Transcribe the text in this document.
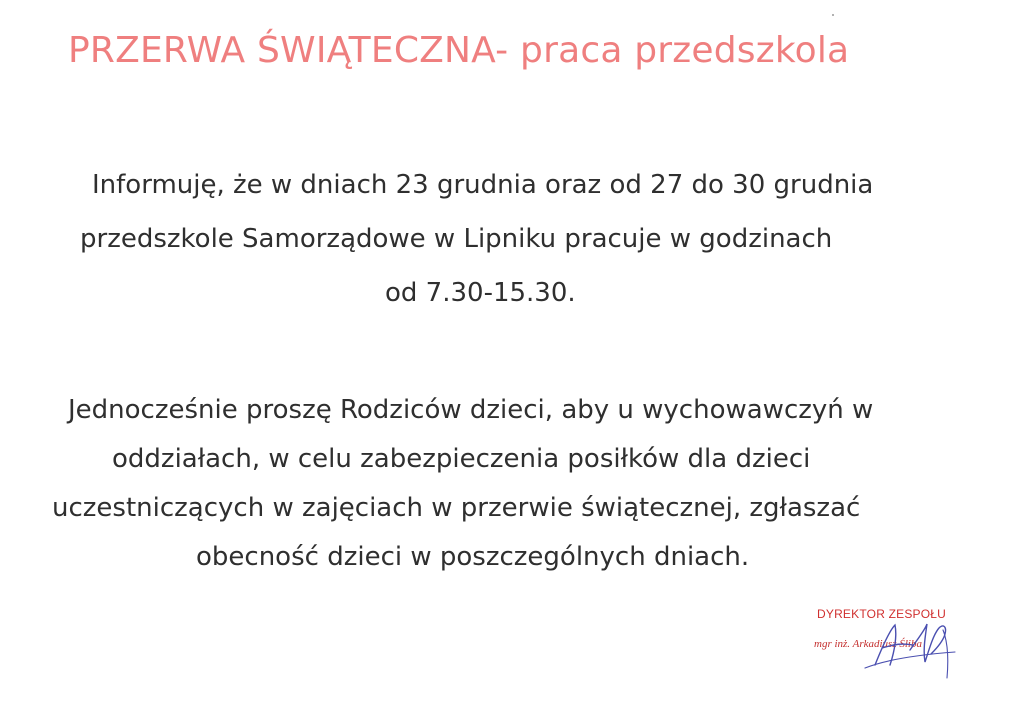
PRZERWA ŚWIĄTECZNA- praca przedszkola
Informuję, że w dniach 23 grudnia oraz od 27 do 30 grudnia
przedszkole Samorządowe w Lipniku pracuje w godzinach
od 7.30-15.30.
Jednocześnie proszę Rodziców dzieci, aby u wychowawczyń w
oddziałach, w celu zabezpieczenia posiłków dla dzieci
uczestniczących w zajęciach w przerwie świątecznej, zgłaszać
obecność dzieci w poszczególnych dniach.
DYREKTOR ZESPOŁU
mgr inż. Arkadiusz Śliba
